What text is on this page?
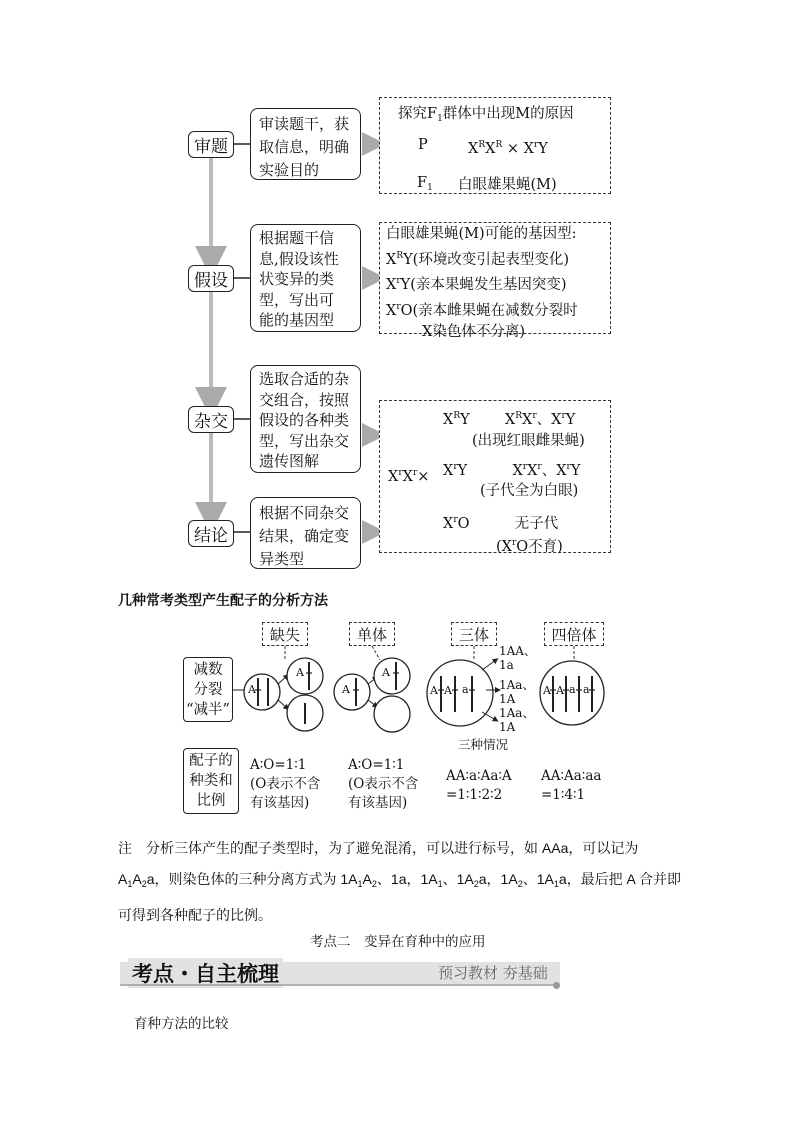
审题
假设
杂交
结论
审读题干，获
取信息，明确
实验目的
根据题干信
息,假设该性
状变异的类
型，写出可
能的基因型
选取合适的杂
交组合，按照
假设的各种类
型，写出杂交
遗传图解
根据不同杂交
结果，确定变
异类型
探究$F_1$群体中出现M的原因
P	$X^RX^R \times X^rY$
$F_1$ 白眼雄果蝇(M)
白眼雄果蝇(M)可能的基因型:
$X^RY$(环境改变引起表型变化)
$X^rY$(亲本果蝇发生基因突变)
$X^rO$(亲本雌果蝇在减数分裂时
X染色体不分离)
$X^rX^r\times$
$X^RY$ $X^RX^r$、$X^rY$
(出现红眼雌果蝇)
$X^rY$	$X^rX^r$、$X^rY$
(子代全为白眼)
$X^rO$	无子代
($X^rO$不育)
几种常考类型产生配子的分析方法
缺失	单体	三体	四倍体
减数
分裂
“减半”
配子的
种类和
比例
A
A
A
A
A A a	A A a a
1AA、
1a
1Aa、
1A
1Aa、
1A
三种情况
A∶O=1∶1
(O表示不含
有该基因)
A∶O=1∶1
(O表示不含
有该基因)
AA∶a∶Aa∶A
=1∶1∶2∶2
AA∶Aa∶aa
=1∶4∶1
注　分析三体产生的配子类型时，为了避免混淆，可以进行标号，如 AAa，可以记为
$A_1A_2a$，则染色体的三种分离方式为 $1A_1A_2$、1a，$1A_1$、$1A_2a$，$1A_2$、$1A_1a$，最后把 A 合并即
可得到各种配子的比例。
考点二　变异在育种中的应用
考点・自主梳理	预习教材 夯基础
育种方法的比较
